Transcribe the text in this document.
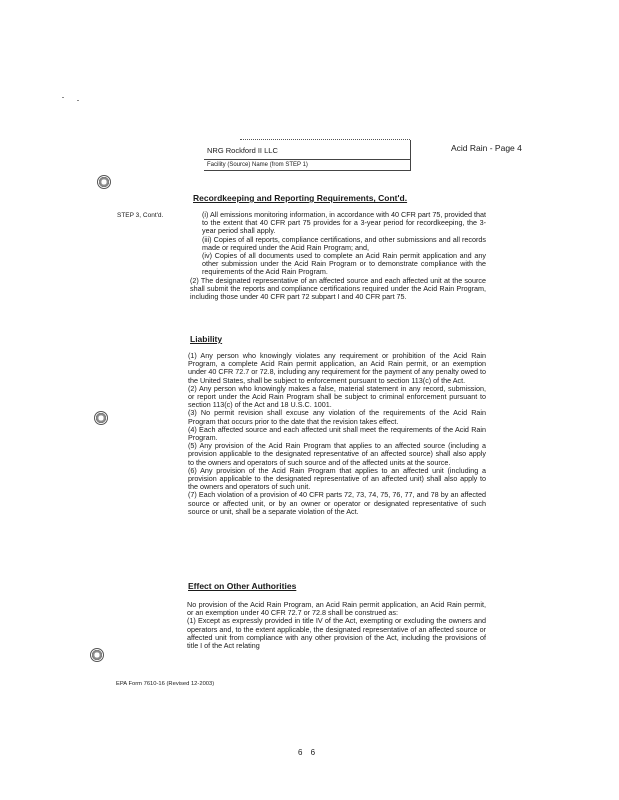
NRG Rockford II LLC
Facility (Source) Name (from STEP 1)
Acid Rain - Page 4
Recordkeeping and Reporting Requirements, Cont'd.
STEP 3, Cont'd.	(i) All emissions monitoring information, in accordance with 40 CFR part 75, provided that to the extent that 40 CFR part 75 provides for a 3-year period for recordkeeping, the 3-year period shall apply.

(iii) Copies of all reports, compliance certifications, and other submissions and all records made or required under the Acid Rain Program; and,

(iv) Copies of all documents used to complete an Acid Rain permit application and any other submission under the Acid Rain Program or to demonstrate compliance with the requirements of the Acid Rain Program.

(2) The designated representative of an affected source and each affected unit at the source shall submit the reports and compliance certifications required under the Acid Rain Program, including those under 40 CFR part 72 subpart I and 40 CFR part 75.

Liability

(1) Any person who knowingly violates any requirement or prohibition of the Acid Rain Program, a complete Acid Rain permit application, an Acid Rain permit, or an exemption under 40 CFR 72.7 or 72.8, including any requirement for the payment of any penalty owed to the United States, shall be subject to enforcement pursuant to section 113(c) of the Act.

(2) Any person who knowingly makes a false, material statement in any record, submission, or report under the Acid Rain Program shall be subject to criminal enforcement pursuant to section 113(c) of the Act and 18 U.S.C. 1001.

(3) No permit revision shall excuse any violation of the requirements of the Acid Rain Program that occurs prior to the date that the revision takes effect.

(4) Each affected source and each affected unit shall meet the requirements of the Acid Rain Program.

(5) Any provision of the Acid Rain Program that applies to an affected source (including a provision applicable to the designated representative of an affected source) shall also apply to the owners and operators of such source and of the affected units at the source.

(6) Any provision of the Acid Rain Program that applies to an affected unit (including a provision applicable to the designated representative of an affected unit) shall also apply to the owners and operators of such unit.

(7) Each violation of a provision of 40 CFR parts 72, 73, 74, 75, 76, 77, and 78 by an affected source or affected unit, or by an owner or operator or designated representative of such source or unit, shall be a separate violation of the Act.

Effect on Other Authorities

No provision of the Acid Rain Program, an Acid Rain permit application, an Acid Rain permit, or an exemption under 40 CFR 72.7 or 72.8 shall be construed as:

(1) Except as expressly provided in title IV of the Act, exempting or excluding the owners and operators and, to the extent applicable, the designated representative of an affected source or affected unit from compliance with any other provision of the Act, including the provisions of title I of the Act relating

EPA Form 7610-16 (Revised 12-2003)
6 6
